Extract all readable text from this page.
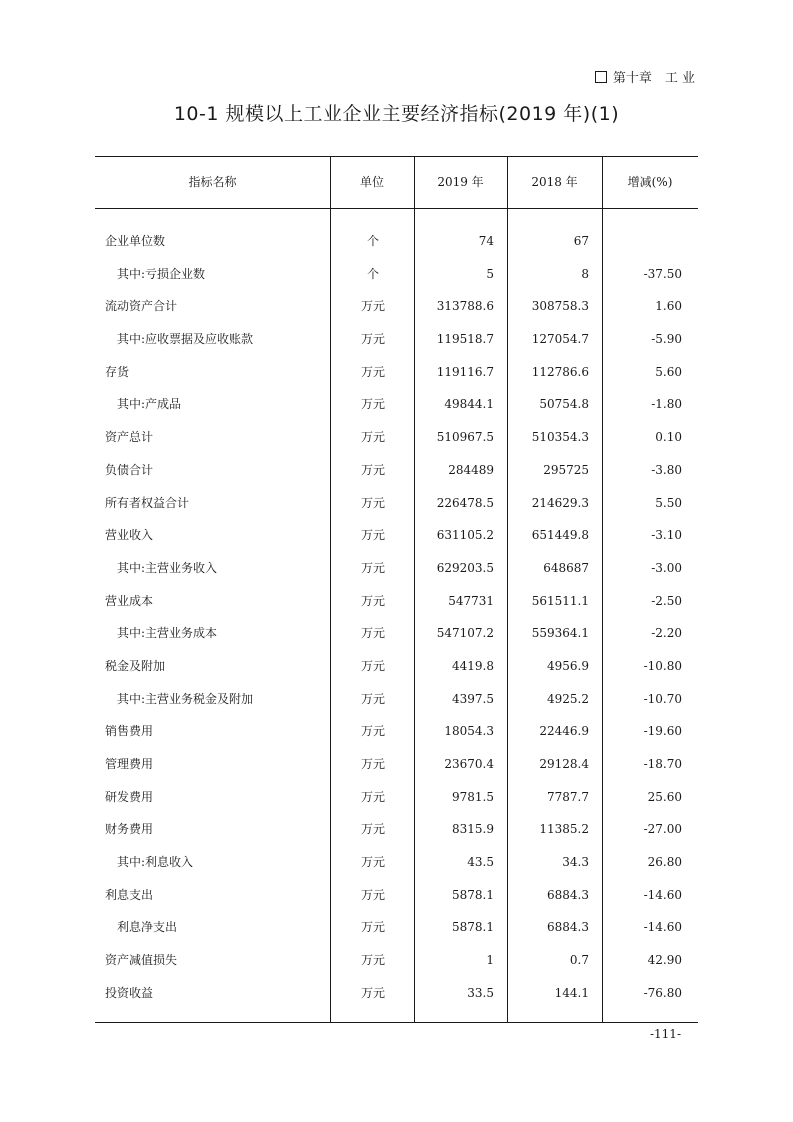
第十章　工 业
10-1 规模以上工业企业主要经济指标(2019 年)(1)
指标名称	单位	2019 年	2018 年	增减(%)
企业单位数	个	74	67
其中:亏损企业数	个	5	8	-37.50
流动资产合计	万元	313788.6	308758.3	1.60
其中:应收票据及应收账款	万元	119518.7	127054.7	-5.90
存货	万元	119116.7	112786.6	5.60
其中:产成品	万元	49844.1	50754.8	-1.80
资产总计	万元	510967.5	510354.3	0.10
负债合计	万元	284489	295725	-3.80
所有者权益合计	万元	226478.5	214629.3	5.50
营业收入	万元	631105.2	651449.8	-3.10
其中:主营业务收入	万元	629203.5	648687	-3.00
营业成本	万元	547731	561511.1	-2.50
其中:主营业务成本	万元	547107.2	559364.1	-2.20
税金及附加	万元	4419.8	4956.9	-10.80
其中:主营业务税金及附加	万元	4397.5	4925.2	-10.70
销售费用	万元	18054.3	22446.9	-19.60
管理费用	万元	23670.4	29128.4	-18.70
研发费用	万元	9781.5	7787.7	25.60
财务费用	万元	8315.9	11385.2	-27.00
其中:利息收入	万元	43.5	34.3	26.80
利息支出	万元	5878.1	6884.3	-14.60
利息净支出	万元	5878.1	6884.3	-14.60
资产减值损失	万元	1	0.7	42.90
投资收益	万元	33.5	144.1	-76.80
-111-
